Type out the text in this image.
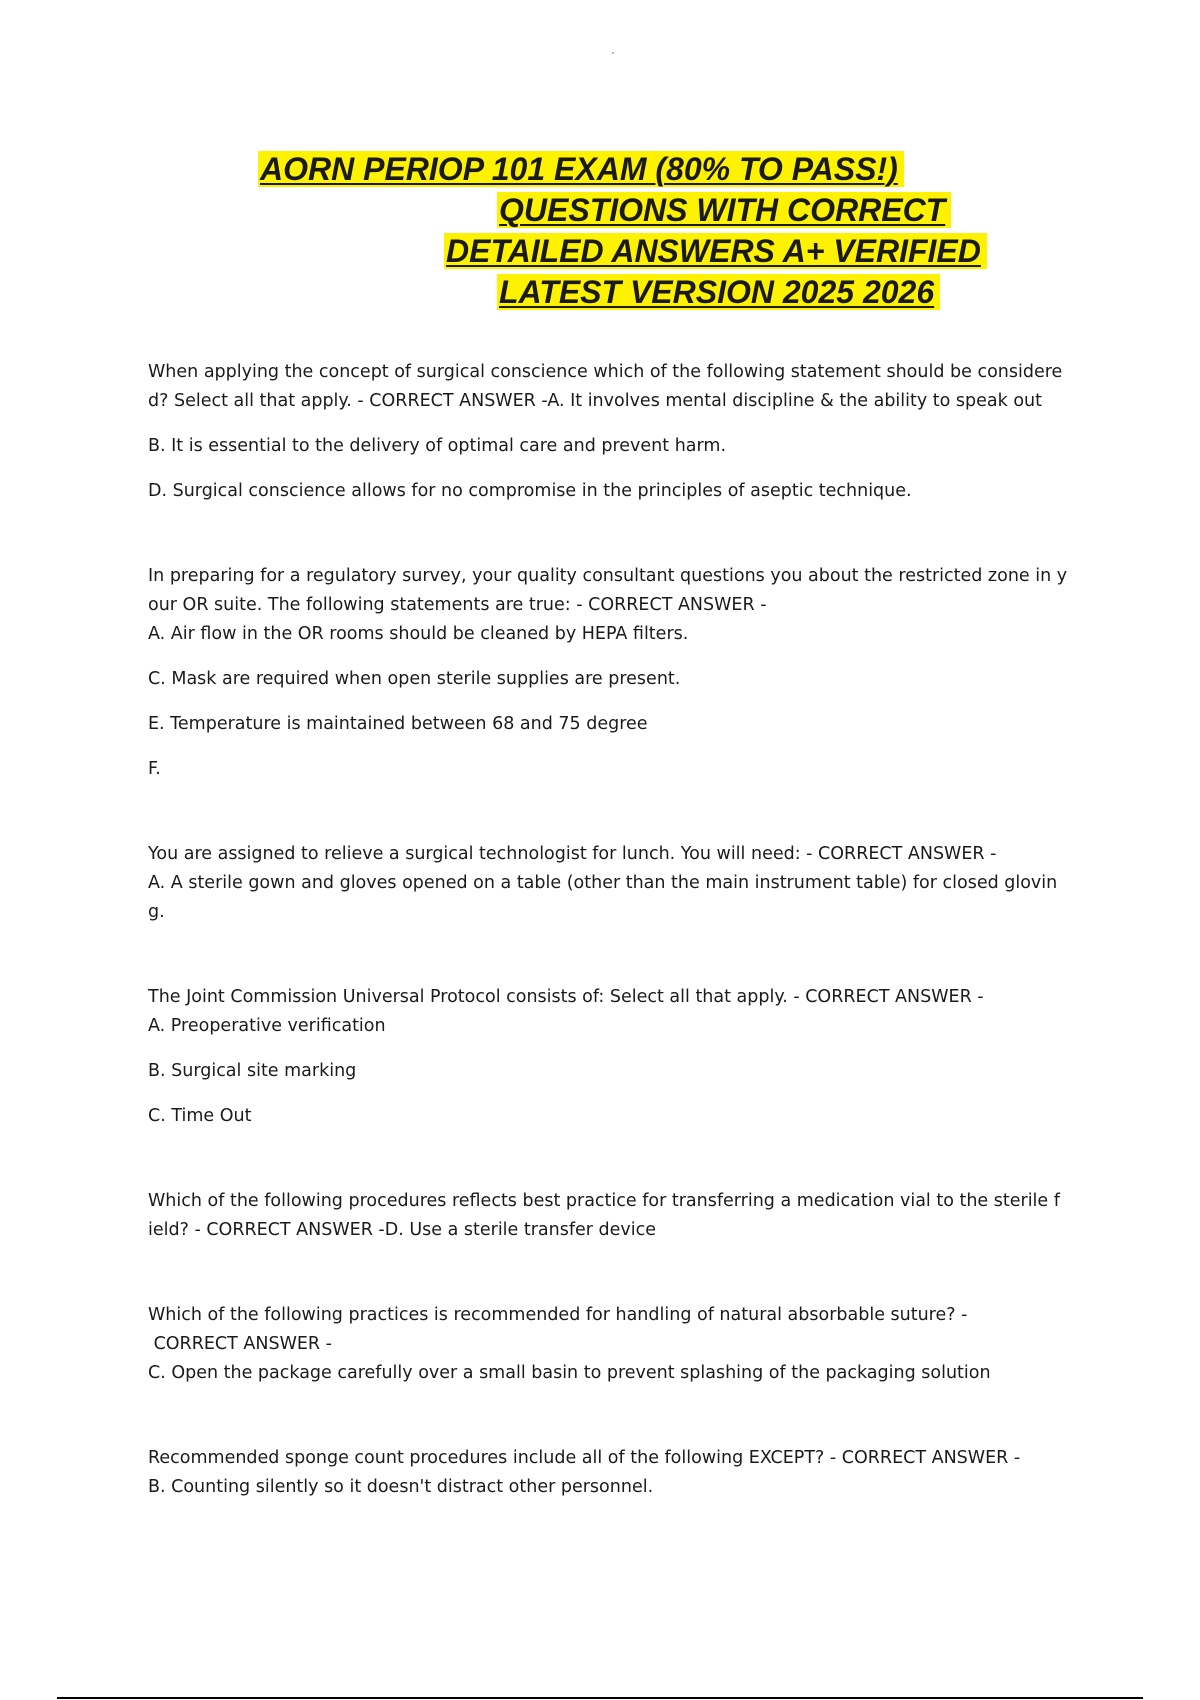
AORN PERIOP 101 EXAM (80% TO PASS!)
QUESTIONS WITH CORRECT
DETAILED ANSWERS A+ VERIFIED
LATEST VERSION 2025 2026

When applying the concept of surgical conscience which of the following statement should be considere

d? Select all that apply. - CORRECT ANSWER -A. It involves mental discipline & the ability to speak out

B. It is essential to the delivery of optimal care and prevent harm.

D. Surgical conscience allows for no compromise in the principles of aseptic technique.

In preparing for a regulatory survey, your quality consultant questions you about the restricted zone in y

our OR suite. The following statements are true: - CORRECT ANSWER -

A. Air flow in the OR rooms should be cleaned by HEPA filters.

C. Mask are required when open sterile supplies are present.

E. Temperature is maintained between 68 and 75 degree

F.

You are assigned to relieve a surgical technologist for lunch. You will need: - CORRECT ANSWER -

A. A sterile gown and gloves opened on a table (other than the main instrument table) for closed glovin

g.

The Joint Commission Universal Protocol consists of: Select all that apply. - CORRECT ANSWER -

A. Preoperative verification

B. Surgical site marking

C. Time Out

Which of the following procedures reflects best practice for transferring a medication vial to the sterile f

ield? - CORRECT ANSWER -D. Use a sterile transfer device

Which of the following practices is recommended for handling of natural absorbable suture? -

CORRECT ANSWER -

C. Open the package carefully over a small basin to prevent splashing of the packaging solution

Recommended sponge count procedures include all of the following EXCEPT? - CORRECT ANSWER -

B. Counting silently so it doesn't distract other personnel.
